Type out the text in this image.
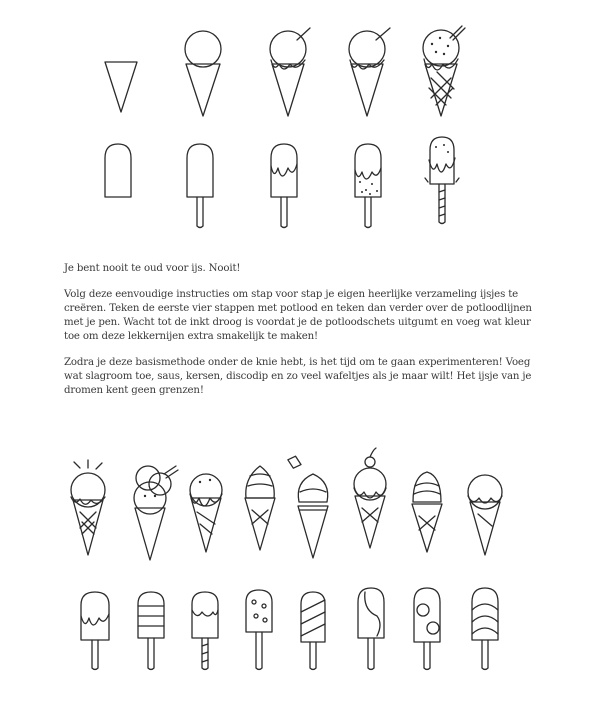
Je bent nooit te oud voor ijs. Nooit!

Volg deze eenvoudige instructies om stap voor stap je eigen heerlijke verzameling ijsjes te creëren. Teken de eerste vier stappen met potlood en teken dan verder over de potloodlijnen met je pen. Wacht tot de inkt droog is voordat je de potloodschets uitgumt en voeg wat kleur toe om deze lekkernijen extra smakelijk te maken!

Zodra je deze basismethode onder de knie hebt, is het tijd om te gaan experimenteren! Voeg wat slagroom toe, saus, kersen, discodip en zo veel wafeltjes als je maar wilt! Het ijsje van je dromen kent geen grenzen!
